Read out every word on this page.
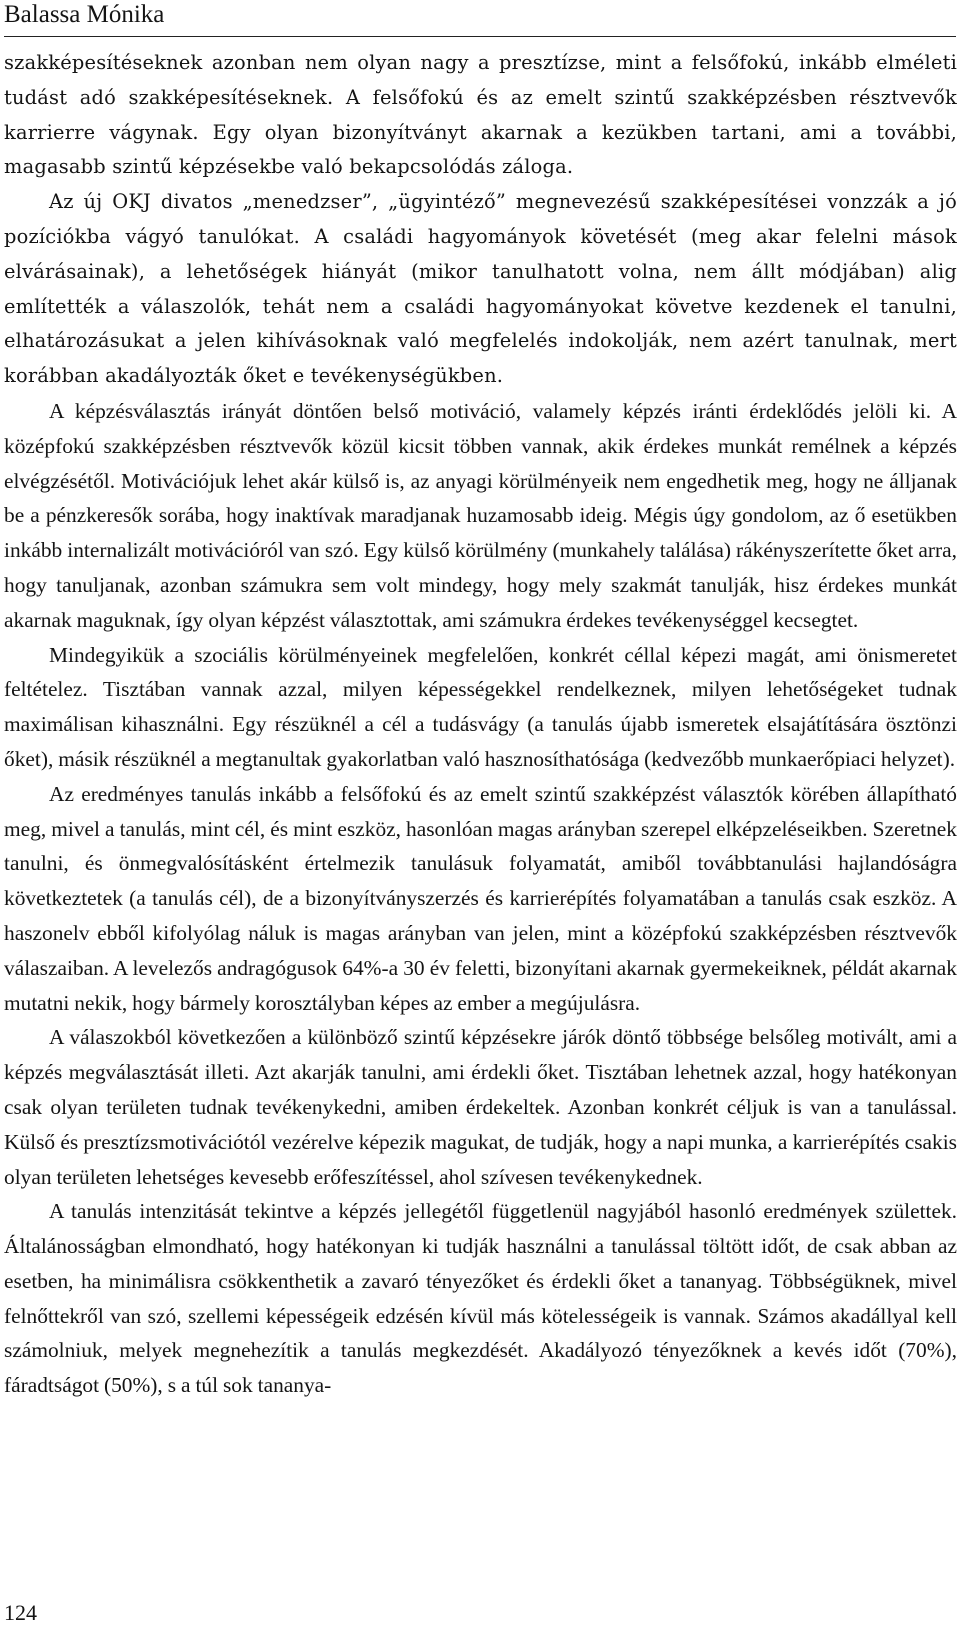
Balassa Mónika

szakképesítéseknek azonban nem olyan nagy a presztízse, mint a felsőfokú, inkább elméleti tudást adó szakképesítéseknek. A felsőfokú és az emelt szintű szakképzésben résztvevők karrierre vágynak. Egy olyan bizonyítványt akarnak a kezükben tartani, ami a további, magasabb szintű képzésekbe való bekapcsolódás záloga.

Az új OKJ divatos „menedzser”, „ügyintéző” megnevezésű szakképesítései vonzzák a jó pozíciókba vágyó tanulókat. A családi hagyományok követését (meg akar felelni mások elvárásainak), a lehetőségek hiányát (mikor tanulhatott volna, nem állt módjában) alig említették a válaszolók, tehát nem a családi hagyományokat követve kezdenek el tanulni, elhatározásukat a jelen kihívásoknak való megfelelés indokolják, nem azért tanulnak, mert korábban akadályozták őket e tevékenységükben.

A képzésválasztás irányát döntően belső motiváció, valamely képzés iránti érdeklődés jelöli ki. A középfokú szakképzésben résztvevők közül kicsit többen vannak, akik érdekes munkát remélnek a képzés elvégzésétől. Motivációjuk lehet akár külső is, az anyagi körülményeik nem engedhetik meg, hogy ne álljanak be a pénzkeresők sorába, hogy inaktívak maradjanak huzamosabb ideig. Mégis úgy gondolom, az ő esetükben inkább internalizált motivációról van szó. Egy külső körülmény (munkahely találása) rákényszerítette őket arra, hogy tanuljanak, azonban számukra sem volt mindegy, hogy mely szakmát tanulják, hisz érdekes munkát akarnak maguknak, így olyan képzést választottak, ami számukra érdekes tevékenységgel kecsegtet.

Mindegyikük a szociális körülményeinek megfelelően, konkrét céllal képezi magát, ami önismeretet feltételez. Tisztában vannak azzal, milyen képességekkel rendelkeznek, milyen lehetőségeket tudnak maximálisan kihasználni. Egy részüknél a cél a tudásvágy (a tanulás újabb ismeretek elsajátítására ösztönzi őket), másik részüknél a megtanultak gyakorlatban való hasznosíthatósága (kedvezőbb munkaerőpiaci helyzet).

Az eredményes tanulás inkább a felsőfokú és az emelt szintű szakképzést választók körében állapítható meg, mivel a tanulás, mint cél, és mint eszköz, hasonlóan magas arányban szerepel elképzeléseikben. Szeretnek tanulni, és önmegvalósításként értelmezik tanulásuk folyamatát, amiből továbbtanulási hajlandóságra következtetek (a tanulás cél), de a bizonyítványszerzés és karrierépítés folyamatában a tanulás csak eszköz. A haszonelv ebből kifolyólag náluk is magas arányban van jelen, mint a középfokú szakképzésben résztvevők válaszaiban. A levelezős andragógusok 64%-a 30 év feletti, bizonyítani akarnak gyermekeiknek, példát akarnak mutatni nekik, hogy bármely korosztályban képes az ember a megújulásra.

A válaszokból következően a különböző szintű képzésekre járók döntő többsége belsőleg motivált, ami a képzés megválasztását illeti. Azt akarják tanulni, ami érdekli őket. Tisztában lehetnek azzal, hogy hatékonyan csak olyan területen tudnak tevékenykedni, amiben érdekeltek. Azonban konkrét céljuk is van a tanulással. Külső és presztízsmotivációtól vezérelve képezik magukat, de tudják, hogy a napi munka, a karrierépítés csakis olyan területen lehetséges kevesebb erőfeszítéssel, ahol szívesen tevékenykednek.

A tanulás intenzitását tekintve a képzés jellegétől függetlenül nagyjából hasonló eredmények születtek. Általánosságban elmondható, hogy hatékonyan ki tudják használni a tanulással töltött időt, de csak abban az esetben, ha minimálisra csökkenthetik a zavaró tényezőket és érdekli őket a tananyag. Többségüknek, mivel felnőttekről van szó, szellemi képességeik edzésén kívül más kötelességeik is vannak. Számos akadállyal kell számolniuk, melyek megnehezítik a tanulás megkezdését. Akadályozó tényezőknek a kevés időt (70%), fáradtságot (50%), s a túl sok tananya-

124
